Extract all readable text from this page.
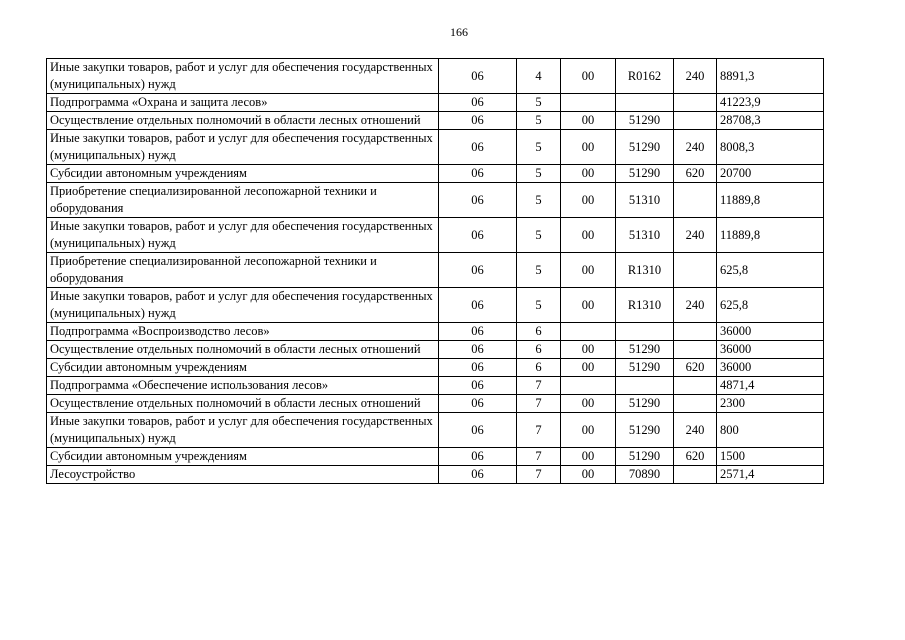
166
Иные закупки товаров, работ и услуг для обеспечения государственных (муниципальных) нужд	06	4	00	R0162	240	8891,3
Подпрограмма «Охрана и защита лесов»	06	5				41223,9
Осуществление отдельных полномочий в области лесных отношений	06	5	00	51290		28708,3
Иные закупки товаров, работ и услуг для обеспечения государственных (муниципальных) нужд	06	5	00	51290	240	8008,3
Субсидии автономным учреждениям	06	5	00	51290	620	20700
Приобретение специализированной лесопожарной техники и оборудования	06	5	00	51310		11889,8
Иные закупки товаров, работ и услуг для обеспечения государственных (муниципальных) нужд	06	5	00	51310	240	11889,8
Приобретение специализированной лесопожарной техники и оборудования	06	5	00	R1310		625,8
Иные закупки товаров, работ и услуг для обеспечения государственных (муниципальных) нужд	06	5	00	R1310	240	625,8
Подпрограмма «Воспроизводство лесов»	06	6				36000
Осуществление отдельных полномочий в области лесных отношений	06	6	00	51290		36000
Субсидии автономным учреждениям	06	6	00	51290	620	36000
Подпрограмма «Обеспечение использования лесов»	06	7				4871,4
Осуществление отдельных полномочий в области лесных отношений	06	7	00	51290		2300
Иные закупки товаров, работ и услуг для обеспечения государственных (муниципальных) нужд	06	7	00	51290	240	800
Субсидии автономным учреждениям	06	7	00	51290	620	1500
Лесоустройство	06	7	00	70890		2571,4
